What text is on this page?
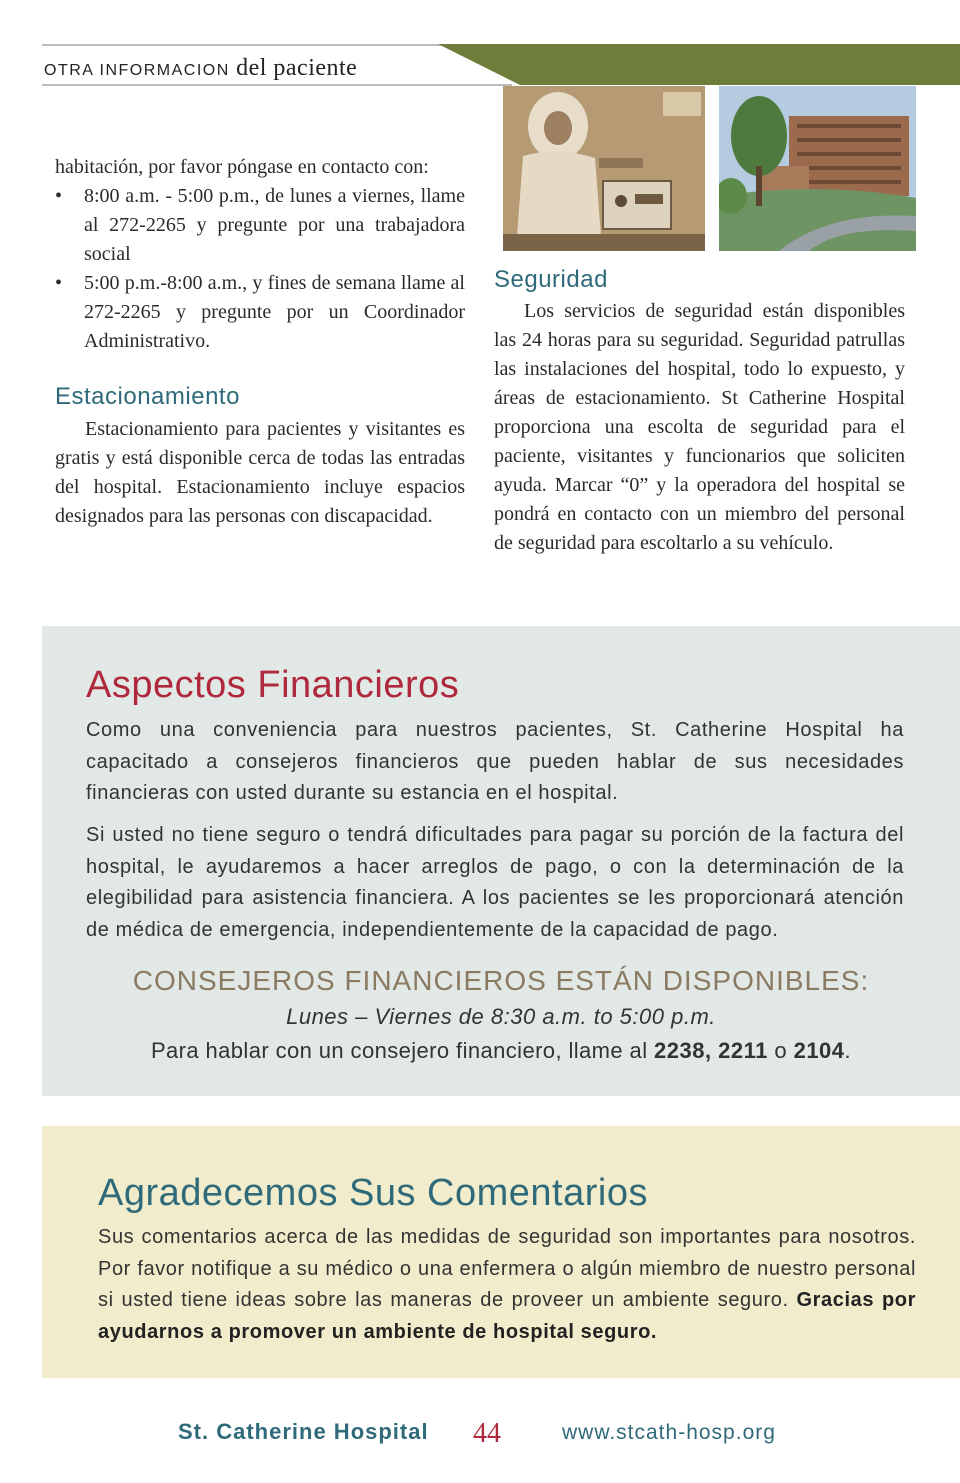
OTRA INFORMACION del paciente

habitación, por favor póngase en contacto con:

• 8:00 a.m. - 5:00 p.m., de lunes a viernes, llame al 272-2265 y pregunte por una trabajadora social
• 5:00 p.m.-8:00 a.m., y fines de semana llame al 272-2265 y pregunte por un Coordinador Administrativo.
Estacionamiento

Estacionamiento para pacientes y visitantes es gratis y está disponible cerca de todas las entradas del hospital. Estacionamiento incluye espacios designados para las personas con discapacidad.

Seguridad

Los servicios de seguridad están disponibles las 24 horas para su seguridad. Seguridad patrullas las instalaciones del hospital, todo lo expuesto, y áreas de estacionamiento. St Catherine Hospital proporciona una escolta de seguridad para el paciente, visitantes y funcionarios que soliciten ayuda. Marcar “0” y la operadora del hospital se pondrá en contacto con un miembro del personal de seguridad para escoltarlo a su vehículo.

Aspectos Financieros

Como una conveniencia para nuestros pacientes, St. Catherine Hospital ha capacitado a consejeros financieros que pueden hablar de sus necesidades financieras con usted durante su estancia en el hospital.

Si usted no tiene seguro o tendrá dificultades para pagar su porción de la factura del hospital, le ayudaremos a hacer arreglos de pago, o con la determinación de la elegibilidad para asistencia financiera. A los pacientes se les proporcionará atención de médica de emergencia, independientemente de la capacidad de pago.

CONSEJEROS FINANCIEROS ESTÁN DISPONIBLES:
Lunes – Viernes de 8:30 a.m. to 5:00 p.m.
Para hablar con un consejero financiero, llame al 2238, 2211 o 2104.
Agradecemos Sus Comentarios

Sus comentarios acerca de las medidas de seguridad son importantes para nosotros. Por favor notifique a su médico o una enfermera o algún miembro de nuestro personal si usted tiene ideas sobre las maneras de proveer un ambiente seguro. Gracias por ayudarnos a promover un ambiente de hospital seguro.

St. Catherine Hospital 44	www.stcath-hosp.org
